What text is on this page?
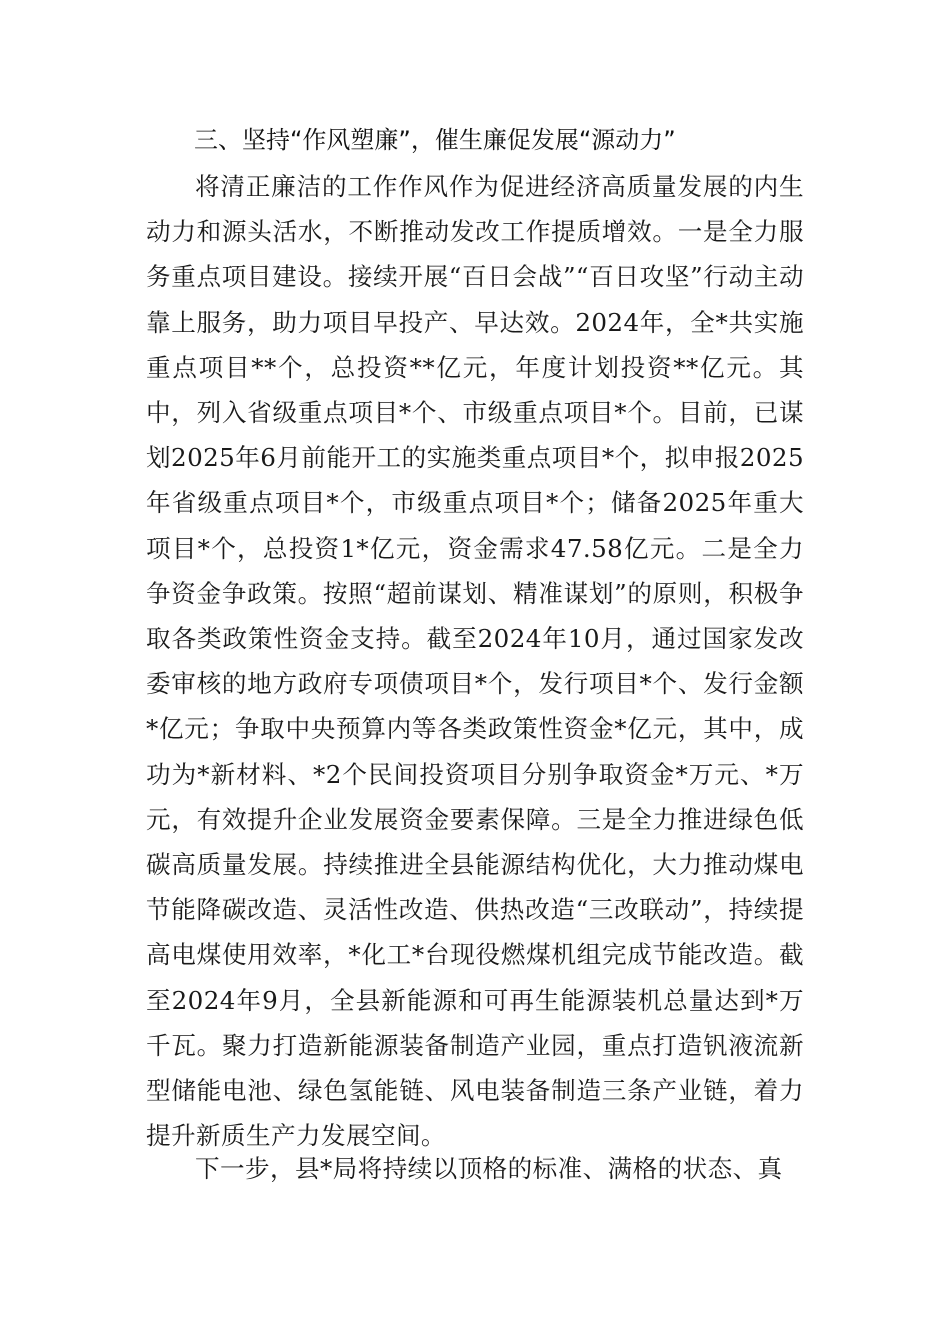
三、坚持“作风塑廉”，催生廉促发展“源动力”

将清正廉洁的工作作风作为促进经济高质量发展的内生动力和源头活水，不断推动发改工作提质增效。一是全力服务重点项目建设。接续开展“百日会战”“百日攻坚”行动主动靠上服务，助力项目早投产、早达效。2024年，全*共实施重点项目**个，总投资**亿元，年度计划投资**亿元。其中，列入省级重点项目*个、市级重点项目*个。目前，已谋划2025年6月前能开工的实施类重点项目*个，拟申报2025年省级重点项目*个，市级重点项目*个；储备2025年重大项目*个，总投资1*亿元，资金需求47.58亿元。二是全力争资金争政策。按照“超前谋划、精准谋划”的原则，积极争取各类政策性资金支持。截至2024年10月，通过国家发改委审核的地方政府专项债项目*个，发行项目*个、发行金额*亿元；争取中央预算内等各类政策性资金*亿元，其中，成功为*新材料、*2个民间投资项目分别争取资金*万元、*万元，有效提升企业发展资金要素保障。三是全力推进绿色低碳高质量发展。持续推进全县能源结构优化，大力推动煤电节能降碳改造、灵活性改造、供热改造“三改联动”，持续提高电煤使用效率，*化工*台现役燃煤机组完成节能改造。截至2024年9月，全县新能源和可再生能源装机总量达到*万千瓦。聚力打造新能源装备制造产业园，重点打造钒液流新型储能电池、绿色氢能链、风电装备制造三条产业链，着力提升新质生产力发展空间。

下一步，县*局将持续以顶格的标准、满格的状态、真
